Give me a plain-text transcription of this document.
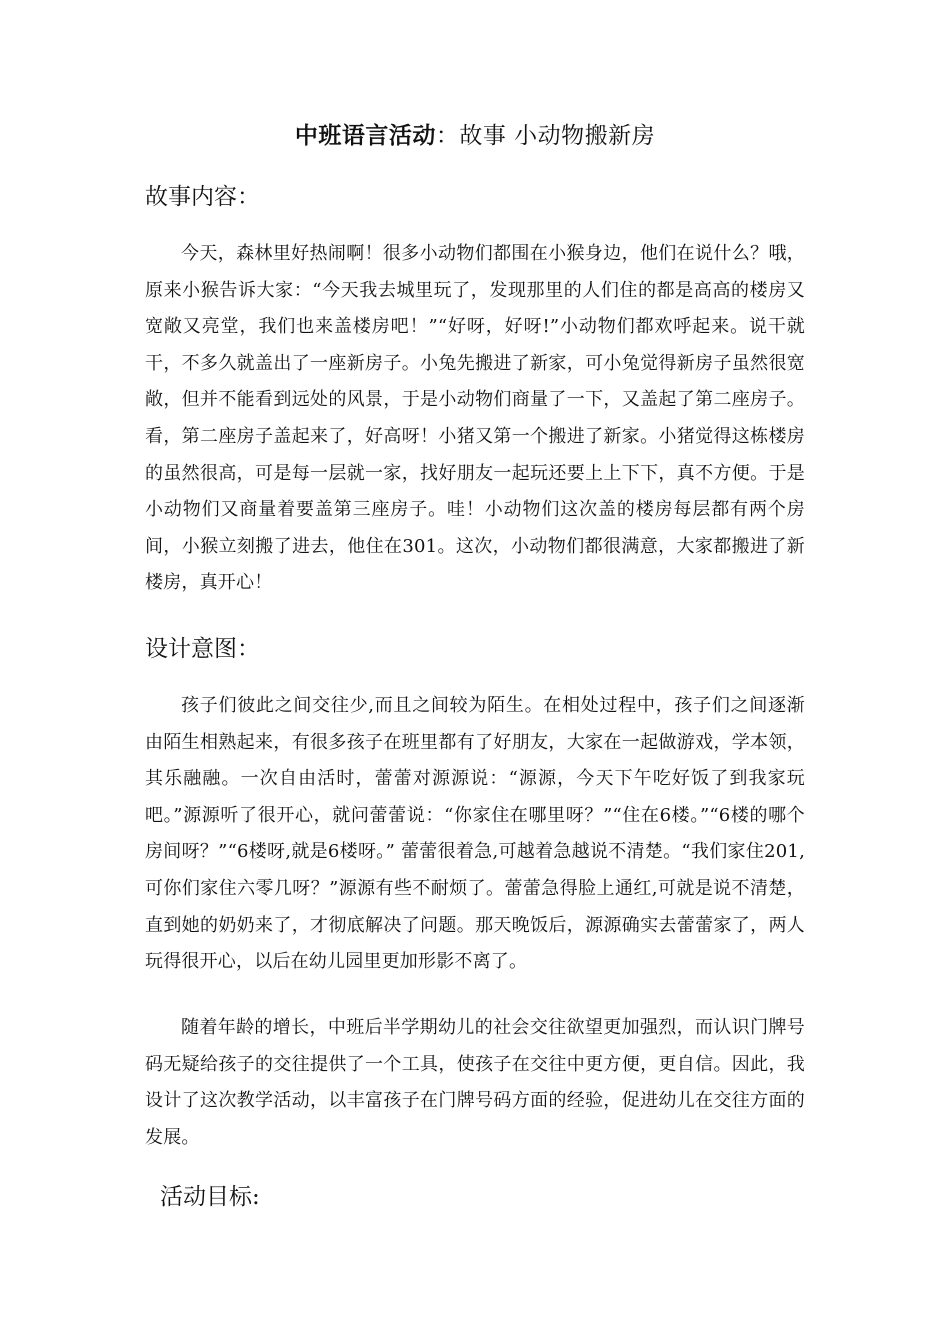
中班语言活动：故事 小动物搬新房
故事内容：
今天，森林里好热闹啊！很多小动物们都围在小猴身边，他们在说什么？哦，原来小猴告诉大家：“今天我去城里玩了，发现那里的人们住的都是高高的楼房又宽敞又亮堂，我们也来盖楼房吧！”“好呀，好呀!”小动物们都欢呼起来。说干就干，不多久就盖出了一座新房子。小兔先搬进了新家，可小兔觉得新房子虽然很宽敞，但并不能看到远处的风景，于是小动物们商量了一下，又盖起了第二座房子。看，第二座房子盖起来了，好高呀！小猪又第一个搬进了新家。小猪觉得这栋楼房的虽然很高，可是每一层就一家，找好朋友一起玩还要上上下下，真不方便。于是小动物们又商量着要盖第三座房子。哇！小动物们这次盖的楼房每层都有两个房间，小猴立刻搬了进去，他住在301。这次，小动物们都很满意，大家都搬进了新楼房，真开心！
设计意图：
孩子们彼此之间交往少,而且之间较为陌生。在相处过程中，孩子们之间逐渐由陌生相熟起来，有很多孩子在班里都有了好朋友，大家在一起做游戏，学本领，其乐融融。一次自由活时，蕾蕾对源源说：“源源，今天下午吃好饭了到我家玩吧。”源源听了很开心，就问蕾蕾说：“你家住在哪里呀？”“住在6楼。”“6楼的哪个房间呀？”“6楼呀,就是6楼呀。” 蕾蕾很着急,可越着急越说不清楚。“我们家住201,可你们家住六零几呀？”源源有些不耐烦了。蕾蕾急得脸上通红,可就是说不清楚，直到她的奶奶来了，才彻底解决了问题。那天晚饭后，源源确实去蕾蕾家了，两人玩得很开心，以后在幼儿园里更加形影不离了。
随着年龄的增长，中班后半学期幼儿的社会交往欲望更加强烈，而认识门牌号码无疑给孩子的交往提供了一个工具，使孩子在交往中更方便，更自信。因此，我设计了这次教学活动，以丰富孩子在门牌号码方面的经验，促进幼儿在交往方面的发展。
活动目标:
